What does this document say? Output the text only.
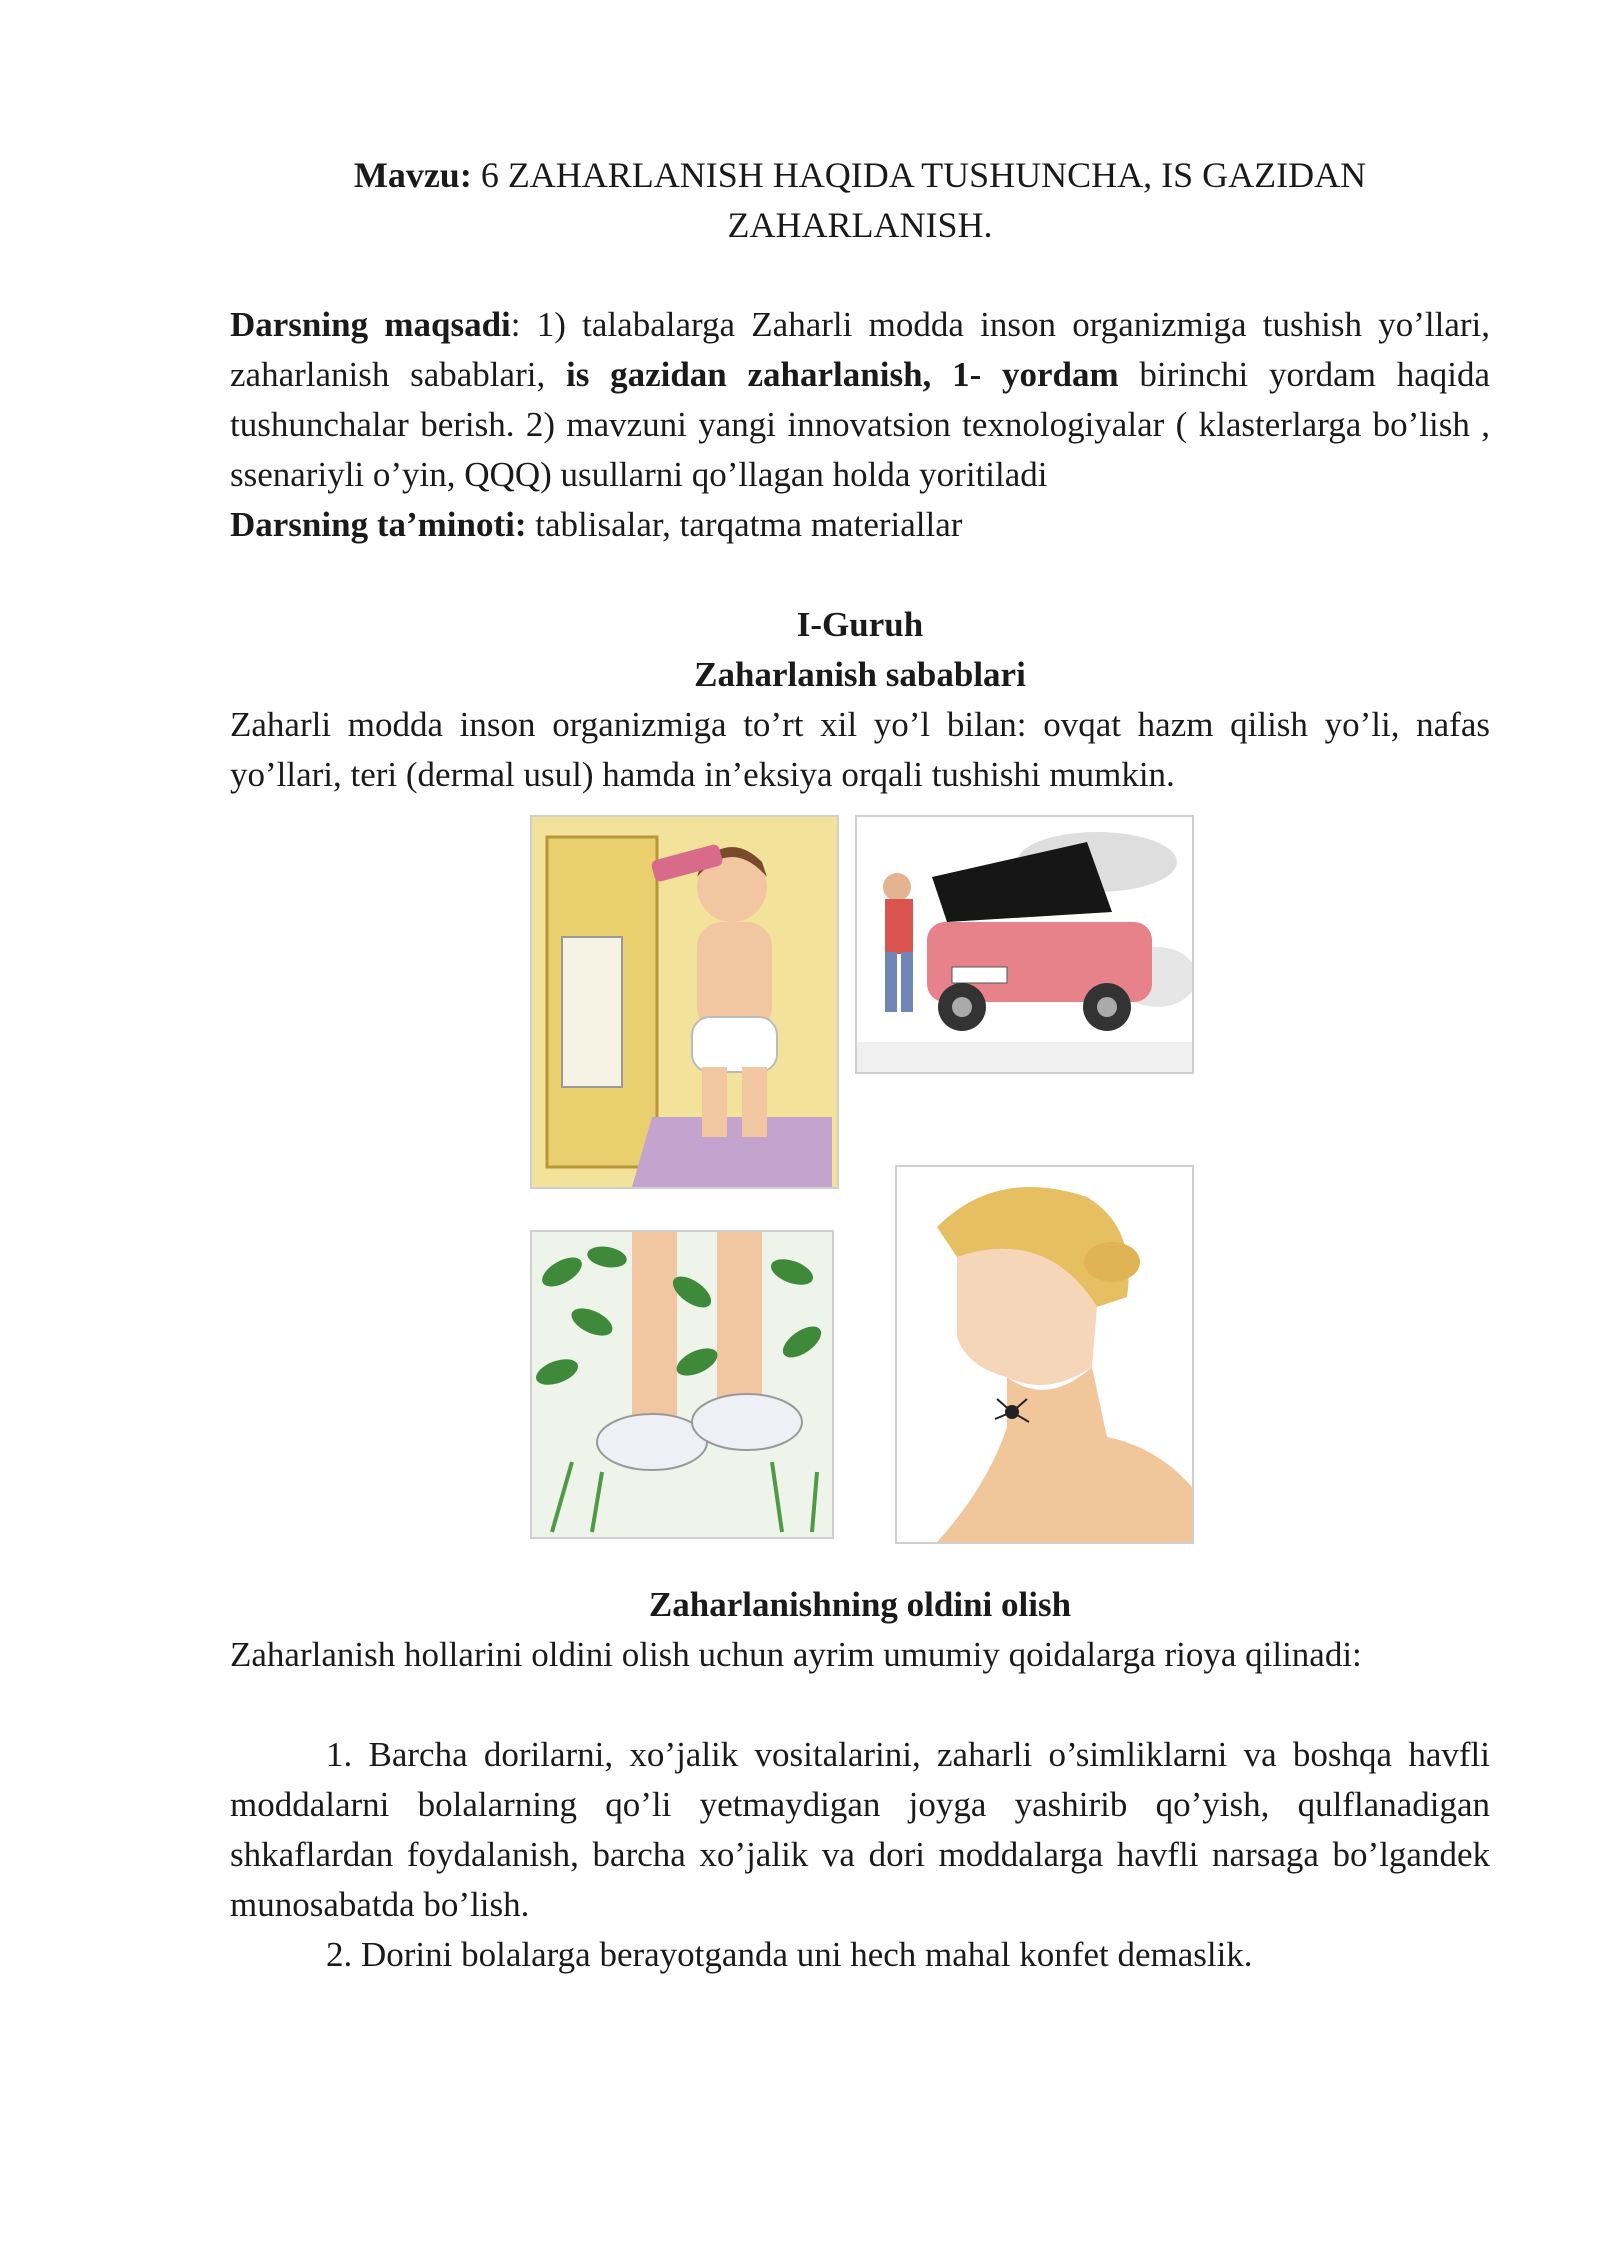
Mavzu: 6 ZAHARLANISH HAQIDA TUSHUNCHA, IS GAZIDAN
ZAHARLANISH.
Darsning maqsadi: 1) talabalarga Zaharli modda inson organizmiga tushish yo’llari, zaharlanish sabablari, is gazidan zaharlanish, 1- yordam birinchi yordam haqida tushunchalar berish. 2) mavzuni yangi innovatsion texnologiyalar ( klasterlarga bo’lish , ssenariyli o’yin, QQQ) usullarni qo’llagan holda yoritiladi
Darsning ta’minoti: tablisalar, tarqatma materiallar
I-Guruh
Zaharlanish sabablari
Zaharli modda inson organizmiga to’rt xil yo’l bilan: ovqat hazm qilish yo’li, nafas yo’llari, teri (dermal usul) hamda in’eksiya orqali tushishi mumkin.
Zaharlanishning oldini olish
Zaharlanish hollarini oldini olish uchun ayrim umumiy qoidalarga rioya qilinadi:
1. Barcha dorilarni, xo’jalik vositalarini, zaharli o’simliklarni va boshqa havfli moddalarni bolalarning qo’li yetmaydigan joyga yashirib qo’yish, qulflanadigan shkaflardan foydalanish, barcha xo’jalik va dori moddalarga havfli narsaga bo’lgandek munosabatda bo’lish.
2. Dorini bolalarga berayotganda uni hech mahal konfet demaslik.
